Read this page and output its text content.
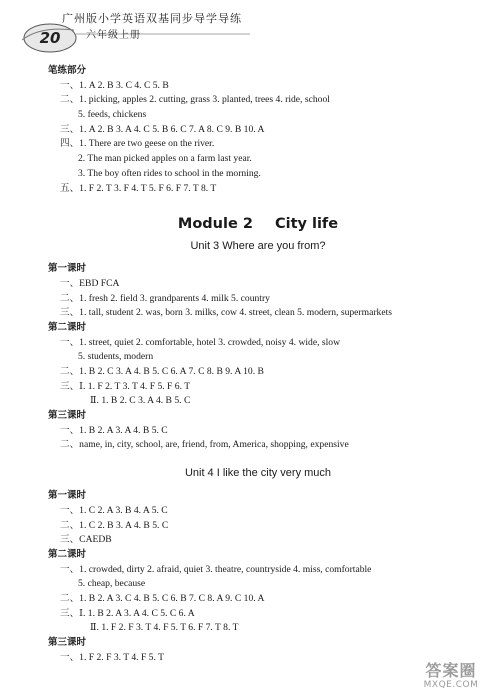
20
广州版小学英语双基同步导学导练
六年级上册
笔练部分
一、1. A 2. B 3. C 4. C 5. B
二、1. picking, apples 2. cutting, grass 3. planted, trees 4. ride, school
5. feeds, chickens
三、1. A 2. B 3. A 4. C 5. B 6. C 7. A 8. C 9. B 10. A
四、1. There are two geese on the river.
2. The man picked apples on a farm last year.
3. The boy often rides to school in the morning.
五、1. F 2. T 3. F 4. T 5. F 6. F 7. T 8. T
Module 2 City life
Unit 3 Where are you from?
第一课时
一、EBD FCA
二、1. fresh 2. field 3. grandparents 4. milk 5. country
三、1. tall, student 2. was, born 3. milks, cow 4. street, clean 5. modern, supermarkets
第二课时
一、1. street, quiet 2. comfortable, hotel 3. crowded, noisy 4. wide, slow
5. students, modern
二、1. B 2. C 3. A 4. B 5. C 6. A 7. C 8. B 9. A 10. B
三、Ⅰ. 1. F 2. T 3. T 4. F 5. F 6. T
Ⅱ. 1. B 2. C 3. A 4. B 5. C
第三课时
一、1. B 2. A 3. A 4. B 5. C
二、name, in, city, school, are, friend, from, America, shopping, expensive
Unit 4 I like the city very much
第一课时
一、1. C 2. A 3. B 4. A 5. C
二、1. C 2. B 3. A 4. B 5. C
三、CAEDB
第二课时
一、1. crowded, dirty 2. afraid, quiet 3. theatre, countryside 4. miss, comfortable
5. cheap, because
二、1. B 2. A 3. C 4. B 5. C 6. B 7. C 8. A 9. C 10. A
三、Ⅰ. 1. B 2. A 3. A 4. C 5. C 6. A
Ⅱ. 1. F 2. F 3. T 4. F 5. T 6. F 7. T 8. T
第三课时
一、1. F 2. F 3. T 4. F 5. T
答案圈
MXQE.COM
